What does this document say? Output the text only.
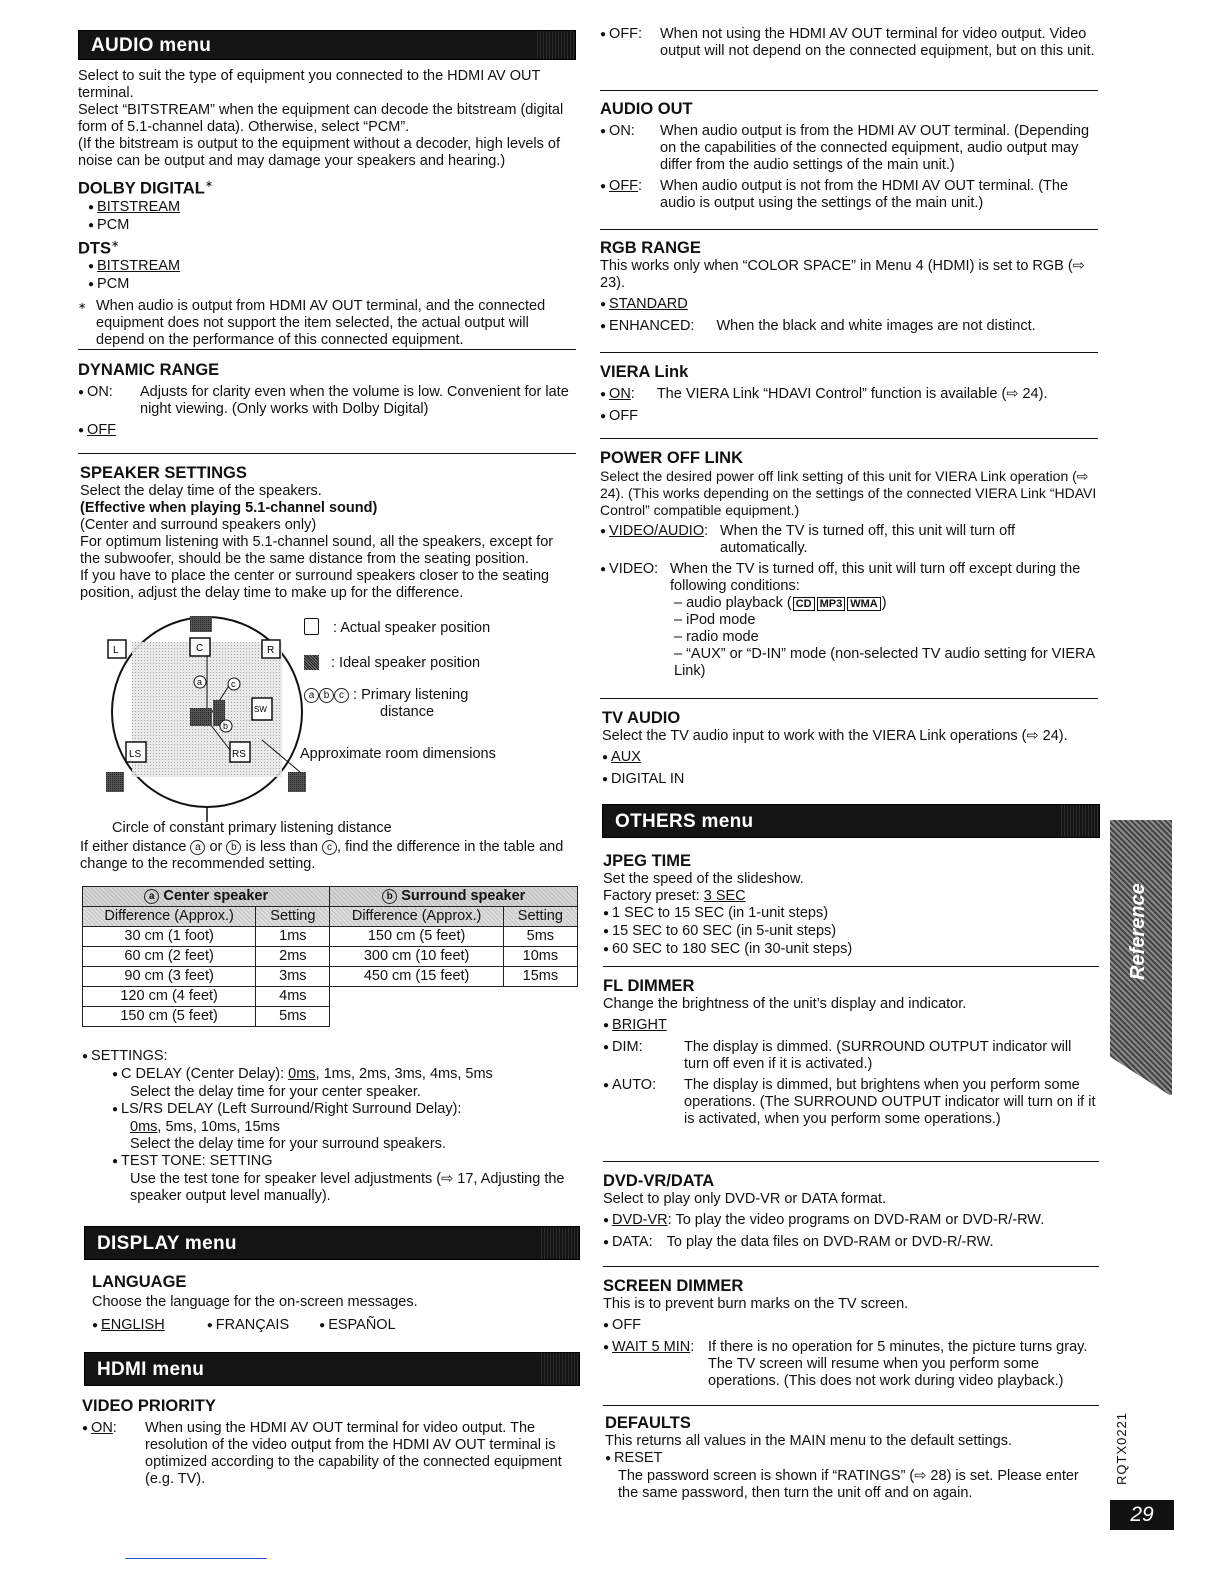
AUDIO menu

Select to suit the type of equipment you connected to the HDMI AV OUT terminal.

Select “BITSTREAM” when the equipment can decode the bitstream (digital form of 5.1-channel data). Otherwise, select “PCM”.

(If the bitstream is output to the equipment without a decoder, high levels of noise can be output and may damage your speakers and hearing.)

DOLBY DIGITAL∗

● BITSTREAM

● PCM

DTS∗

● BITSTREAM

● PCM

∗ When audio is output from HDMI AV OUT terminal, and the connected equipment does not support the item selected, the actual output will depend on the performance of this connected equipment.

DYNAMIC RANGE

● ON: Adjusts for clarity even when the volume is low. Convenient for late night viewing. (Only works with Dolby Digital)

● OFF

SPEAKER SETTINGS

Select the delay time of the speakers.

(Effective when playing 5.1-channel sound)

(Center and surround speakers only)

For optimum listening with 5.1-channel sound, all the speakers, except for the subwoofer, should be the same distance from the seating position.

If you have to place the center or surround speakers closer to the seating position, adjust the delay time to make up for the difference.

L	C	R
SW
LS	RS
a	c
b
: Actual speaker position
: Ideal speaker position
a b c : Primary listening
distance
Approximate room dimensions
Circle of constant primary listening distance
If either distance a or b is less than c , find the difference in the table and change to the recommended setting.
a Center speaker		b Surround speaker	
Difference (Approx.)	Setting	Difference (Approx.)	Setting
30 cm (1 foot)	1ms	150 cm (5 feet)	5ms
60 cm (2 feet)	2ms	300 cm (10 feet)	10ms
90 cm (3 feet)	3ms	450 cm (15 feet)	15ms
120 cm (4 feet)	4ms		
150 cm (5 feet)	5ms		

● SETTINGS:

● C DELAY (Center Delay): 0ms, 1ms, 2ms, 3ms, 4ms, 5ms

Select the delay time for your center speaker.

● LS/RS DELAY (Left Surround/Right Surround Delay):

0ms, 5ms, 10ms, 15ms

Select the delay time for your surround speakers.

● TEST TONE: SETTING

Use the test tone for speaker level adjustments (⇨ 17, Adjusting the speaker output level manually).

DISPLAY menu

LANGUAGE

Choose the language for the on-screen messages.

● ENGLISH ●	FRANÇAIS ●	ESPAÑOL

HDMI menu

VIDEO PRIORITY

● ON: When using the HDMI AV OUT terminal for video output. The resolution of the video output from the HDMI AV OUT terminal is optimized according to the capability of the connected equipment (e.g. TV).
● OFF: When not using the HDMI AV OUT terminal for video output. Video output will not depend on the connected equipment, but on this unit.

AUDIO OUT

● ON: When audio output is from the HDMI AV OUT terminal. (Depending on the capabilities of the connected equipment, audio output may differ from the audio settings of the main unit.)
● OFF: When audio output is not from the HDMI AV OUT terminal. (The audio is output using the settings of the main unit.)

RGB RANGE

This works only when “COLOR SPACE” in Menu 4 (HDMI) is set to RGB (⇨ 23).

● STANDARD

● ENHANCED: When the black and white images are not distinct.

VIERA Link

● ON: The VIERA Link “HDAVI Control” function is available (⇨ 24).

● OFF

POWER OFF LINK

Select the desired power off link setting of this unit for VIERA Link operation (⇨ 24). (This works depending on the settings of the connected VIERA Link “HDAVI Control” compatible equipment.)

● VIDEO/AUDIO: When the TV is turned off, this unit will turn off automatically.
● VIDEO: When the TV is turned off, this unit will turn off except during the following conditions:

– audio playback ( CD MP3 WMA )

– iPod mode

– radio mode

– “AUX” or “D-IN” mode (non-selected TV audio setting for VIERA Link)

TV AUDIO

Select the TV audio input to work with the VIERA Link operations (⇨ 24).

● AUX

● DIGITAL IN

OTHERS menu

JPEG TIME

Set the speed of the slideshow.

Factory preset: 3 SEC

● 1 SEC to 15 SEC (in 1-unit steps)

● 15 SEC to 60 SEC (in 5-unit steps)

● 60 SEC to 180 SEC (in 30-unit steps)

FL DIMMER

Change the brightness of the unit’s display and indicator.

● BRIGHT

● DIM:	The display is dimmed. (SURROUND OUTPUT indicator will turn off even if it is activated.)
● AUTO: The display is dimmed, but brightens when you perform some operations. (The SURROUND OUTPUT indicator will turn on if it is activated, when you perform some operations.)

DVD-VR/DATA

Select to play only DVD-VR or DATA format.

● DVD-VR: To play the video programs on DVD-RAM or DVD-R/-RW.

● DATA: To play the data files on DVD-RAM or DVD-R/-RW.

SCREEN DIMMER

This is to prevent burn marks on the TV screen.

● OFF

● WAIT 5 MIN: If there is no operation for 5 minutes, the picture turns gray. The TV screen will resume when you perform some operations. (This does not work during video playback.)

DEFAULTS

This returns all values in the MAIN menu to the default settings.

● RESET

The password screen is shown if “RATINGS” (⇨ 28) is set. Please enter the same password, then turn the unit off and on again.

Reference
RQTX0221
29
